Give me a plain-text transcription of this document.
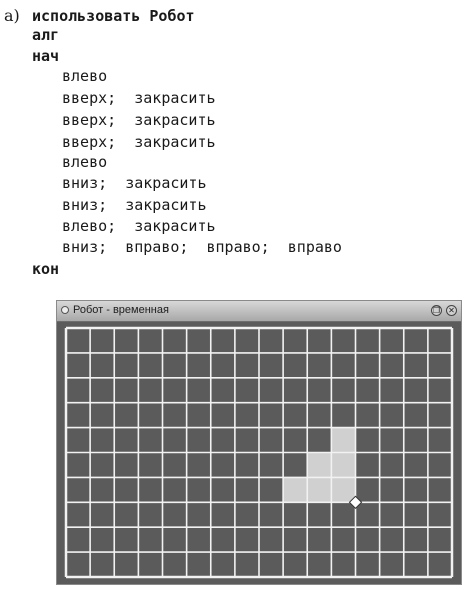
а) использовать Робот
алг
нач
влево
вверх;  закрасить
вверх;  закрасить
вверх;  закрасить
влево
вниз;  закрасить
вниз;  закрасить
влево;  закрасить
вниз;  вправо;  вправо;  вправо
кон
Робот - временная	❐ ✕
